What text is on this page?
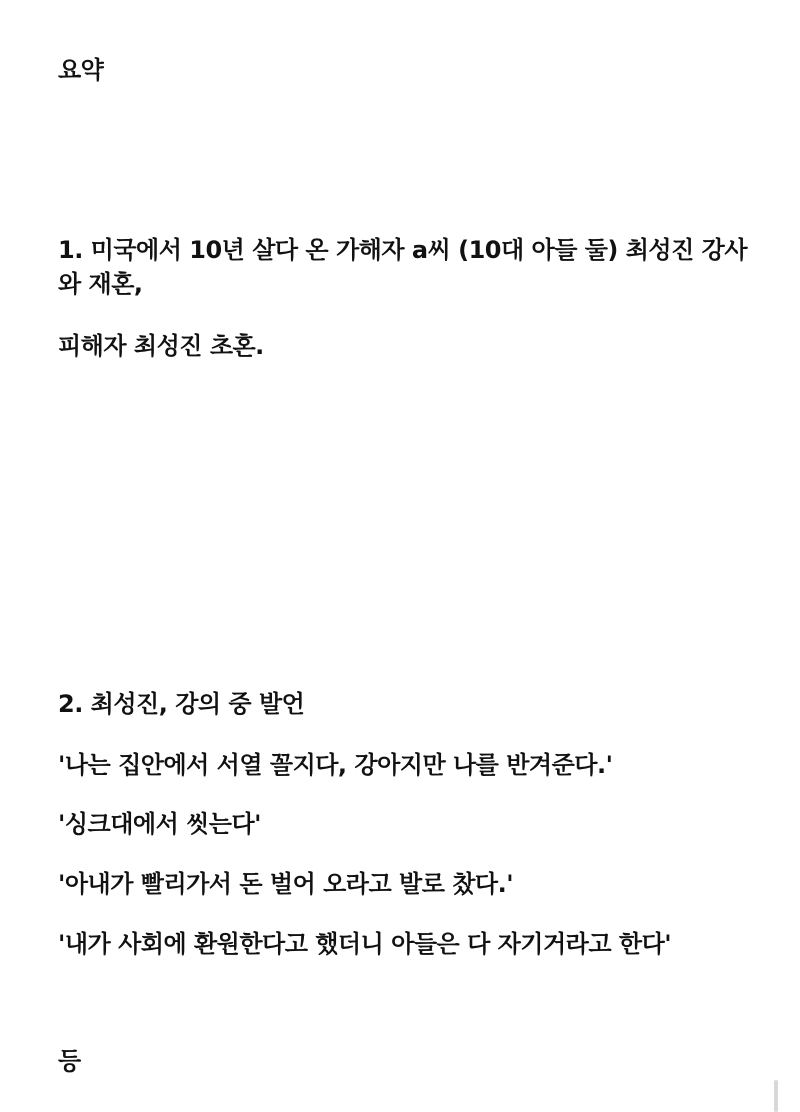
요약

1. 미국에서 10년 살다 온 가해자 a씨 (10대 아들 둘) 최성진 강사

와 재혼,

피해자 최성진 초혼.

2. 최성진, 강의 중 발언

'나는 집안에서 서열 꼴지다, 강아지만 나를 반겨준다.'

'싱크대에서 씻는다'

'아내가 빨리가서 돈 벌어 오라고 발로 찼다.'

'내가 사회에 환원한다고 했더니 아들은 다 자기거라고 한다'

등
